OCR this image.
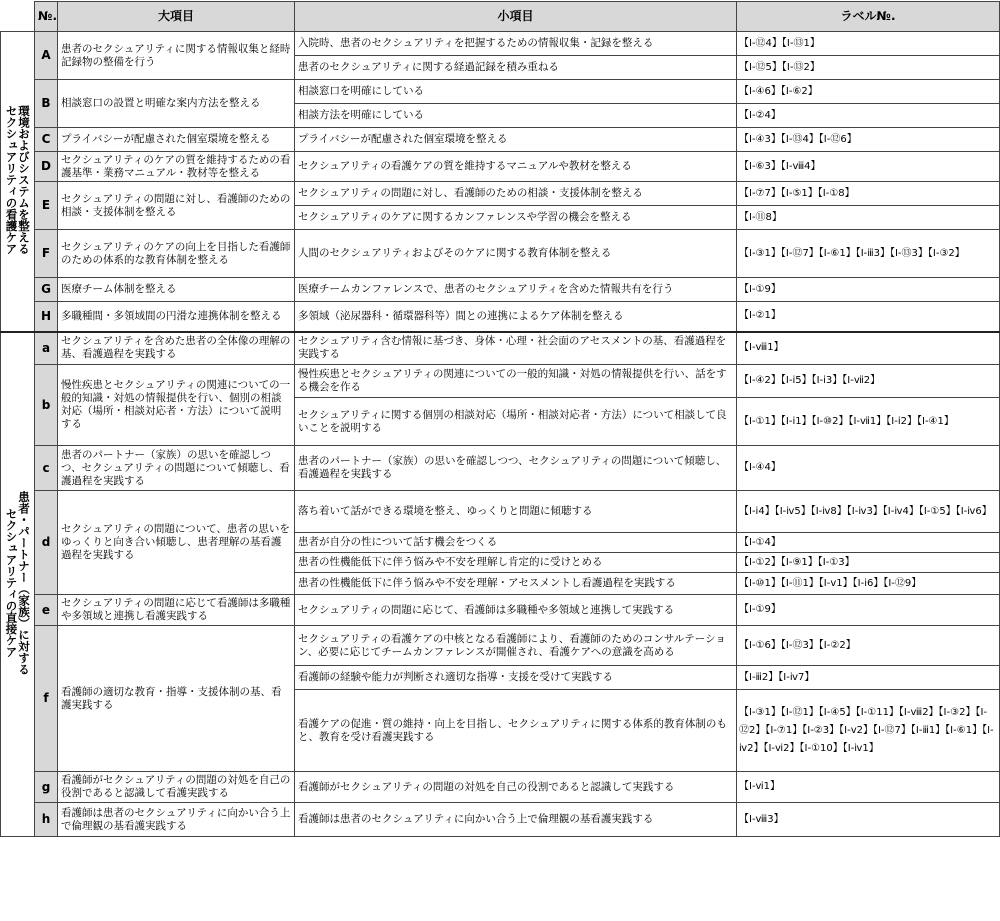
	№.	大項目	小項目	ラベル№.
環境およびシステムを整える
セクシュアリティの看護ケア	A	患者のセクシュアリティに関する情報収集と経時記録物の整備を行う	入院時、患者のセクシュアリティを把握するための情報収集・記録を整える	【Ⅰ-⑫4】【Ⅰ-⑬1】
			患者のセクシュアリティに関する経過記録を積み重ねる	【Ⅰ-⑫5】【Ⅰ-⑬2】
	B	相談窓口の設置と明確な案内方法を整える	相談窓口を明確にしている	【Ⅰ-④6】【Ⅰ-⑥2】
			相談方法を明確にしている	【Ⅰ-②4】
	C	プライバシーが配慮された個室環境を整える	プライバシーが配慮された個室環境を整える	【Ⅰ-④3】【Ⅰ-⑬4】【Ⅰ-⑫6】
	D	セクシュアリティのケアの質を維持するための看護基準・業務マニュアル・教材等を整える	セクシュアリティの看護ケアの質を維持するマニュアルや教材を整える	【Ⅰ-⑥3】【Ⅰ-ⅷ4】
	E	セクシュアリティの問題に対し、看護師のための相談・支援体制を整える	セクシュアリティの問題に対し、看護師のための相談・支援体制を整える	【Ⅰ-⑦7】【Ⅰ-⑤1】【Ⅰ-①8】
			セクシュアリティのケアに関するカンファレンスや学習の機会を整える	【Ⅰ-⑪8】
	F	セクシュアリティのケアの向上を目指した看護師のための体系的な教育体制を整える	人間のセクシュアリティおよびそのケアに関する教育体制を整える	【Ⅰ-③1】【Ⅰ-⑫7】【Ⅰ-⑥1】【Ⅰ-ⅲ3】【Ⅰ-⑬3】【Ⅰ-③2】
	G	医療チーム体制を整える	医療チームカンファレンスで、患者のセクシュアリティを含めた情報共有を行う	【Ⅰ-①9】
	H	多職種間・多領域間の円滑な連携体制を整える	多領域（泌尿器科・循環器科等）間との連携によるケア体制を整える	【Ⅰ-②1】
患者・パートナー（家族）に対する
セクシュアリティの直接ケア	a	セクシュアリティを含めた患者の全体像の理解の基、看護過程を実践する	セクシュアリティ含む情報に基づき、身体・心理・社会面のアセスメントの基、看護過程を実践する	【Ⅰ-ⅷ1】
	b	慢性疾患とセクシュアリティの関連についての一般的知識・対処の情報提供を行い、個別の相談対応（場所・相談対応者・方法）について説明する	慢性疾患とセクシュアリティの関連についての一般的知識・対処の情報提供を行い、話をする機会を作る	【Ⅰ-④2】【Ⅰ-ⅰ5】【Ⅰ-ⅰ3】【Ⅰ-ⅶ2】
			セクシュアリティに関する個別の相談対応（場所・相談対応者・方法）について相談して良いことを説明する	【Ⅰ-①1】【Ⅰ-ⅰ1】【Ⅰ-⑩2】【Ⅰ-ⅶ1】【Ⅰ-ⅰ2】【Ⅰ-④1】
	c	患者のパートナー（家族）の思いを確認しつつ、セクシュアリティの問題について傾聴し、看護過程を実践する	患者のパートナー（家族）の思いを確認しつつ、セクシュアリティの問題について傾聴し、看護過程を実践する	【Ⅰ-④4】
	d	セクシュアリティの問題について、患者の思いをゆっくりと向き合い傾聴し、患者理解の基看護過程を実践する	落ち着いて話ができる環境を整え、ゆっくりと問題に傾聴する	【Ⅰ-ⅰ4】【Ⅰ-ⅳ5】【Ⅰ-ⅳ8】【Ⅰ-ⅳ3】【Ⅰ-ⅳ4】【Ⅰ-①5】【Ⅰ-ⅳ6】
			患者が自分の性について話す機会をつくる	【Ⅰ-①4】
			患者の性機能低下に伴う悩みや不安を理解し肯定的に受けとめる	【Ⅰ-①2】【Ⅰ-⑨1】【Ⅰ-①3】
			患者の性機能低下に伴う悩みや不安を理解・アセスメントし看護過程を実践する	【Ⅰ-⑩1】【Ⅰ-⑪1】【Ⅰ-ⅴ1】【Ⅰ-ⅰ6】【Ⅰ-⑫9】
	e	セクシュアリティの問題に応じて看護師は多職種や多領域と連携し看護実践する	セクシュアリティの問題に応じて、看護師は多職種や多領域と連携して実践する	【Ⅰ-①9】
	f	看護師の適切な教育・指導・支援体制の基、看護実践する	セクシュアリティの看護ケアの中核となる看護師により、看護師のためのコンサルテーション、必要に応じてチームカンファレンスが開催され、看護ケアへの意識を高める	【Ⅰ-①6】【Ⅰ-⑫3】【Ⅰ-②2】
			看護師の経験や能力が判断され適切な指導・支援を受けて実践する	【Ⅰ-ⅲ2】【Ⅰ-ⅳ7】
			看護ケアの促進・質の維持・向上を目指し、セクシュアリティに関する体系的教育体制のもと、教育を受け看護実践する	【Ⅰ-③1】【Ⅰ-⑫1】【Ⅰ-④5】【Ⅰ-①11】【Ⅰ-ⅷ2】【Ⅰ-③2】【Ⅰ-⑫2】【Ⅰ-⑦1】【Ⅰ-②3】【Ⅰ-ⅴ2】【Ⅰ-⑫7】【Ⅰ-ⅲ1】【Ⅰ-⑥1】【Ⅰ-ⅳ2】【Ⅰ-ⅵ2】【Ⅰ-①10】【Ⅰ-ⅳ1】
	g	看護師がセクシュアリティの問題の対処を自己の役割であると認識して看護実践する	看護師がセクシュアリティの問題の対処を自己の役割であると認識して実践する	【Ⅰ-ⅵ1】
	h	看護師は患者のセクシュアリティに向かい合う上で倫理観の基看護実践する	看護師は患者のセクシュアリティに向かい合う上で倫理観の基看護実践する	【Ⅰ-ⅷ3】
